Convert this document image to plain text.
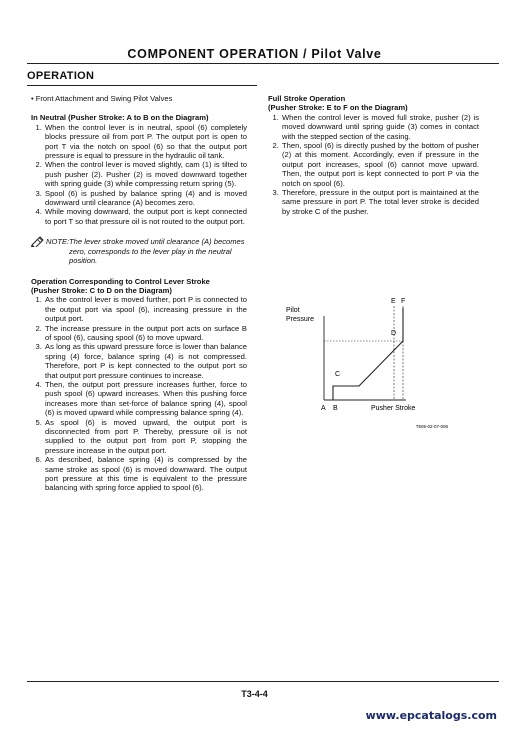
COMPONENT OPERATION / Pilot Valve
OPERATION
• Front Attachment and Swing Pilot Valves
In Neutral (Pusher Stroke: A to B on the Diagram)
1. When the control lever is in neutral, spool (6) completely blocks pressure oil from port P. The output port is open to port T via the notch on spool (6) so that the output port pressure is equal to pressure in the hydraulic oil tank.
2. When the control lever is moved slightly, cam (1) is tilted to push pusher (2). Pusher (2) is moved downward together with spring guide (3) while compressing return spring (5).
3. Spool (6) is pushed by balance spring (4) and is moved downward until clearance (A) becomes zero.
4. While moving downward, the output port is kept connected to port T so that pressure oil is not routed to the output port.
NOTE: The lever stroke moved until clearance (A) becomes zero, corresponds to the lever play in the neutral position.
Operation Corresponding to Control Lever Stroke
(Pusher Stroke: C to D on the Diagram)
1. As the control lever is moved further, port P is connected to the output port via spool (6), increasing pressure in the output port.
2. The increase pressure in the output port acts on surface B of spool (6), causing spool (6) to move upward.
3. As long as this upward pressure force is lower than balance spring (4) force, balance spring (4) is not compressed. Therefore, port P is kept connected to the output port so that output port pressure continues to increase.
4. Then, the output port pressure increases further, force to push spool (6) upward increases. When this pushing force increases more than set-force of balance spring (4), spool (6) is moved upward while compressing balance spring (4).
5. As spool (6) is moved upward, the output port is disconnected from port P. Thereby, pressure oil is not supplied to the output port from port P, stopping the pressure increase in the output port.
6. As described, balance spring (4) is compressed by the same stroke as spool (6) is moved downward. The output port pressure at this time is equivalent to the pressure balancing with spring force applied to spool (6).
Full Stroke Operation
(Pusher Stroke: E to F on the Diagram)
1. When the control lever is moved full stroke, pusher (2) is moved downward until spring guide (3) comes in contact with the stepped section of the casing.
2. Then, spool (6) is directly pushed by the bottom of pusher (2) at this moment. Accordingly, even if pressure in the output port increases, spool (6) cannot move upward. Then, the output port is kept connected to port P via the notch on spool (6).
3. Therefore, pressure in the output port is maintained at the same pressure in port P. The total lever stroke is decided by stroke C of the pusher.
Pilot
Pressure
E F
D
C
A B	Pusher Stroke
T505-02-07-006
T3-4-4
www.epcatalogs.com
